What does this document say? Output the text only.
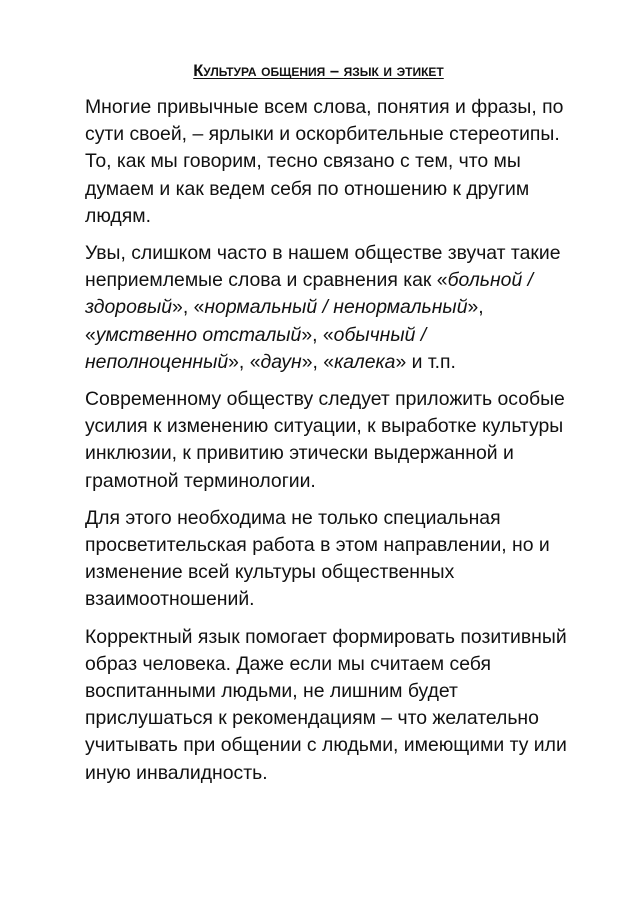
Культура общения – язык и этикет

Многие привычные всем слова, понятия и фразы, по сути своей, – ярлыки и оскорбительные стереотипы. То, как мы говорим, тесно связано с тем, что мы думаем и как ведем себя по отношению к другим людям.

Увы, слишком часто в нашем обществе звучат такие неприемлемые слова и сравнения как «больной / здоровый», «нормальный / ненормальный», «умственно отсталый», «обычный / неполноценный», «даун», «калека» и т.п.

Современному обществу следует приложить особые усилия к изменению ситуации, к выработке культуры инклюзии, к привитию этически выдержанной и грамотной терминологии.

Для этого необходима не только специальная просветительская работа в этом направлении, но и изменение всей культуры общественных взаимоотношений.

Корректный язык помогает формировать позитивный образ человека. Даже если мы считаем себя воспитанными людьми, не лишним будет прислушаться к рекомендациям – что желательно учитывать при общении с людьми, имеющими ту или иную инвалидность.
